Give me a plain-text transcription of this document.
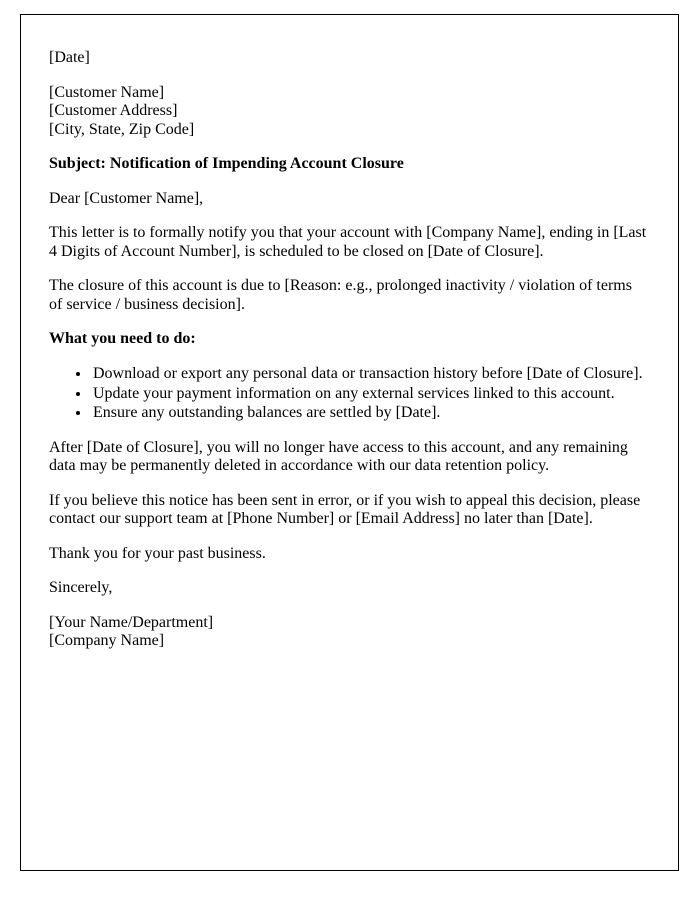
[Date]

[Customer Name]

[Customer Address]

[City, State, Zip Code]

Subject: Notification of Impending Account Closure

Dear [Customer Name],

This letter is to formally notify you that your account with [Company Name], ending in [Last 4 Digits of Account Number], is scheduled to be closed on [Date of Closure].

The closure of this account is due to [Reason: e.g., prolonged inactivity / violation of terms of service / business decision].

What you need to do:

• Download or export any personal data or transaction history before [Date of Closure].
• Update your payment information on any external services linked to this account.
• Ensure any outstanding balances are settled by [Date].

After [Date of Closure], you will no longer have access to this account, and any remaining data may be permanently deleted in accordance with our data retention policy.

If you believe this notice has been sent in error, or if you wish to appeal this decision, please contact our support team at [Phone Number] or [Email Address] no later than [Date].

Thank you for your past business.

Sincerely,

[Your Name/Department]

[Company Name]
